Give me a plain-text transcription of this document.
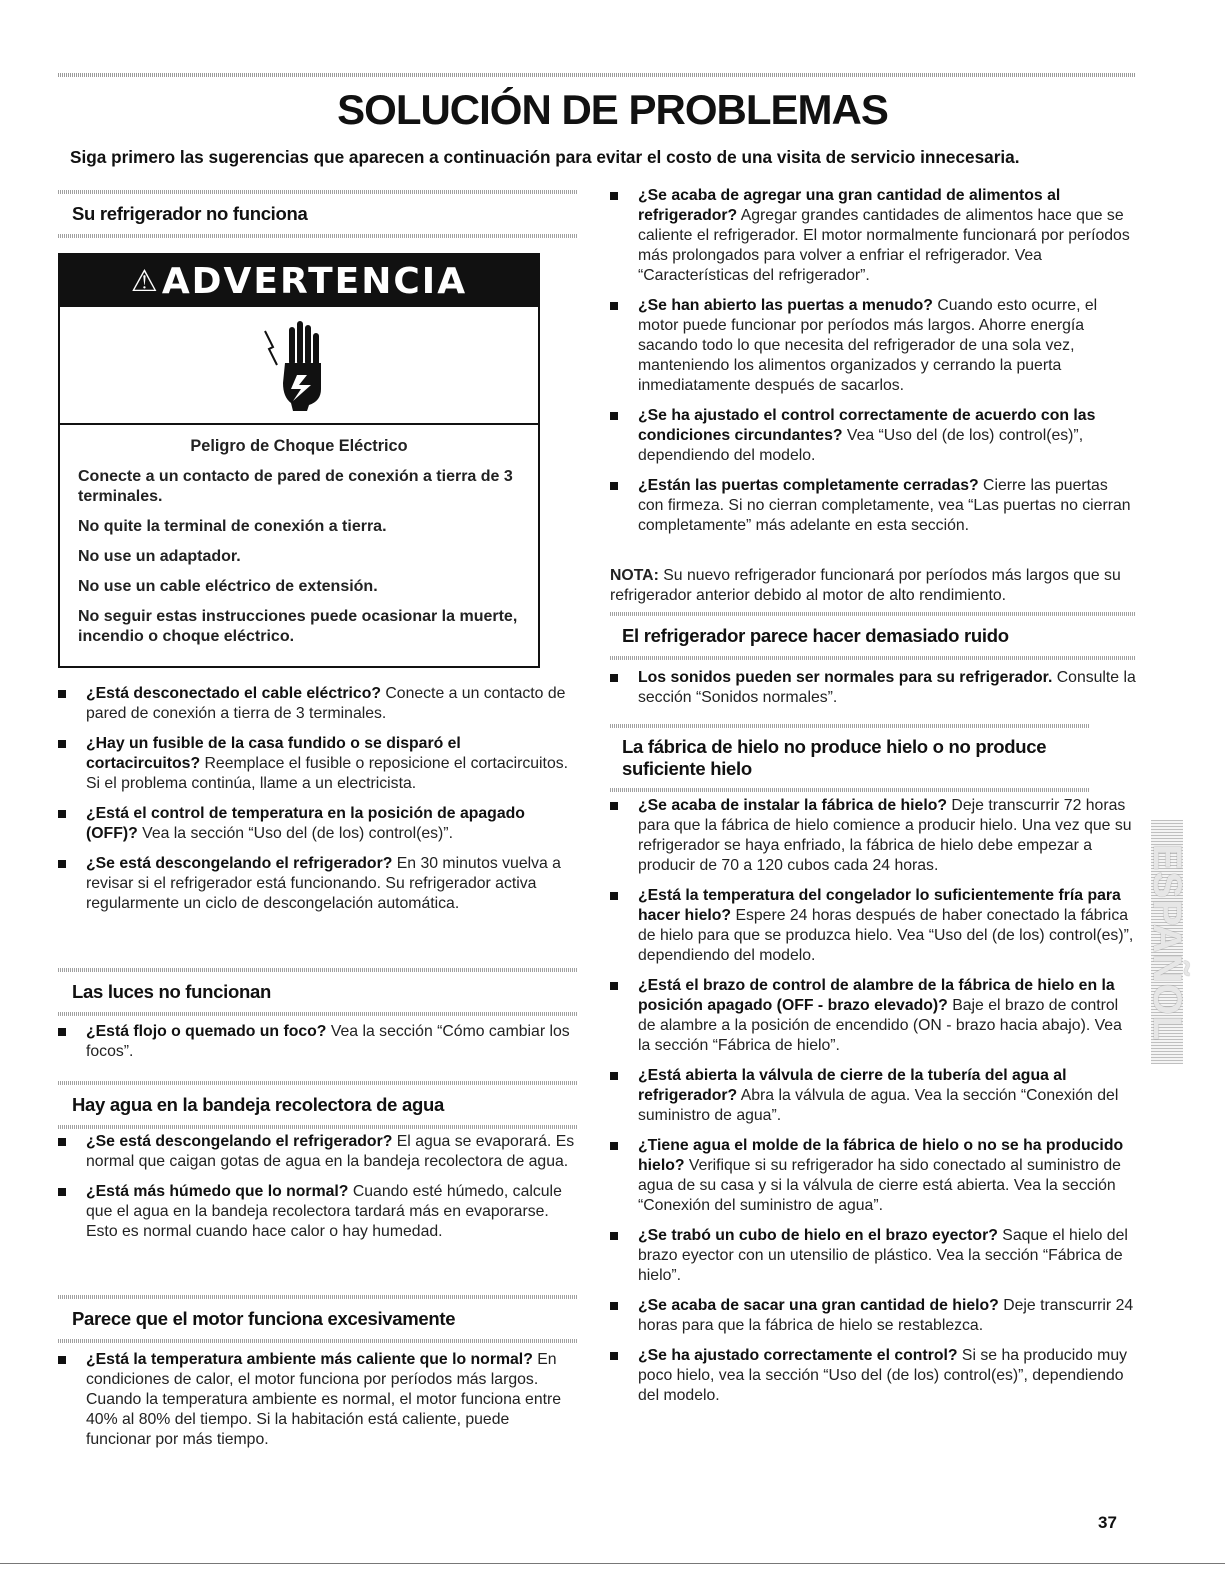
SOLUCIÓN DE PROBLEMAS

Siga primero las sugerencias que aparecen a continuación para evitar el costo de una visita de servicio innecesaria.

Su refrigerador no funciona
¿Está desconectado el cable eléctrico? Conecte a un contacto de pared de conexión a tierra de 3 terminales.
¿Hay un fusible de la casa fundido o se disparó el cortacircuitos? Reemplace el fusible o reposicione el cortacircuitos. Si el problema continúa, llame a un electricista.
¿Está el control de temperatura en la posición de apagado (OFF)? Vea la sección “Uso del (de los) control(es)”.
¿Se está descongelando el refrigerador? En 30 minutos vuelva a revisar si el refrigerador está funcionando. Su refrigerador activa regularmente un ciclo de descongelación automática.
Las luces no funcionan
¿Está flojo o quemado un foco? Vea la sección “Cómo cambiar los focos”.
Hay agua en la bandeja recolectora de agua
¿Se está descongelando el refrigerador? El agua se evaporará. Es normal que caigan gotas de agua en la bandeja recolectora de agua.
¿Está más húmedo que lo normal? Cuando esté húmedo, calcule que el agua en la bandeja recolectora tardará más en evaporarse. Esto es normal cuando hace calor o hay humedad.
Parece que el motor funciona excesivamente
¿Está la temperatura ambiente más caliente que lo normal? En condiciones de calor, el motor funciona por períodos más largos. Cuando la temperatura ambiente es normal, el motor funciona entre 40% al 80% del tiempo. Si la habitación está caliente, puede funcionar por más tiempo.
⚠ ADVERTENCIA
Peligro de Choque Eléctrico

Conecte a un contacto de pared de conexión a tierra de 3 terminales.

No quite la terminal de conexión a tierra.

No use un adaptador.

No use un cable eléctrico de extensión.

No seguir estas instrucciones puede ocasionar la muerte, incendio o choque eléctrico.

¿Se acaba de agregar una gran cantidad de alimentos al refrigerador? Agregar grandes cantidades de alimentos hace que se caliente el refrigerador. El motor normalmente funcionará por períodos más prolongados para volver a enfriar el refrigerador. Vea “Características del refrigerador”.
¿Se han abierto las puertas a menudo? Cuando esto ocurre, el motor puede funcionar por períodos más largos. Ahorre energía sacando todo lo que necesita del refrigerador de una sola vez, manteniendo los alimentos organizados y cerrando la puerta inmediatamente después de sacarlos.
¿Se ha ajustado el control correctamente de acuerdo con las condiciones circundantes? Vea “Uso del (de los) control(es)”, dependiendo del modelo.
¿Están las puertas completamente cerradas? Cierre las puertas con firmeza. Si no cierran completamente, vea “Las puertas no cierran completamente” más adelante en esta sección.

NOTA: Su nuevo refrigerador funcionará por períodos más largos que su refrigerador anterior debido al motor de alto rendimiento.

El refrigerador parece hacer demasiado ruido
Los sonidos pueden ser normales para su refrigerador. Consulte la sección “Sonidos normales”.
La fábrica de hielo no produce hielo o no produce suficiente hielo
¿Se acaba de instalar la fábrica de hielo? Deje transcurrir 72 horas para que la fábrica de hielo comience a producir hielo. Una vez que su refrigerador se haya enfriado, la fábrica de hielo debe empezar a producir de 70 a 120 cubos cada 24 horas.
¿Está la temperatura del congelador lo suficientemente fría para hacer hielo? Espere 24 horas después de haber conectado la fábrica de hielo para que se produzca hielo. Vea “Uso del (de los) control(es)”, dependiendo del modelo.
¿Está el brazo de control de alambre de la fábrica de hielo en la posición apagado (OFF - brazo elevado)? Baje el brazo de control de alambre a la posición de encendido (ON - brazo hacia abajo). Vea la sección “Fábrica de hielo”.
¿Está abierta la válvula de cierre de la tubería del agua al refrigerador? Abra la válvula de agua. Vea la sección “Conexión del suministro de agua”.
¿Tiene agua el molde de la fábrica de hielo o no se ha producido hielo? Verifique si su refrigerador ha sido conectado al suministro de agua de su casa y si la válvula de cierre está abierta. Vea la sección “Conexión del suministro de agua”.
¿Se trabó un cubo de hielo en el brazo eyector? Saque el hielo del brazo eyector con un utensilio de plástico. Vea la sección “Fábrica de hielo”.
¿Se acaba de sacar una gran cantidad de hielo? Deje transcurrir 24 horas para que la fábrica de hielo se restablezca.
¿Se ha ajustado correctamente el control? Si se ha producido muy poco hielo, vea la sección “Uso del (de los) control(es)”, dependiendo del modelo.
ESPAÑOL
37
